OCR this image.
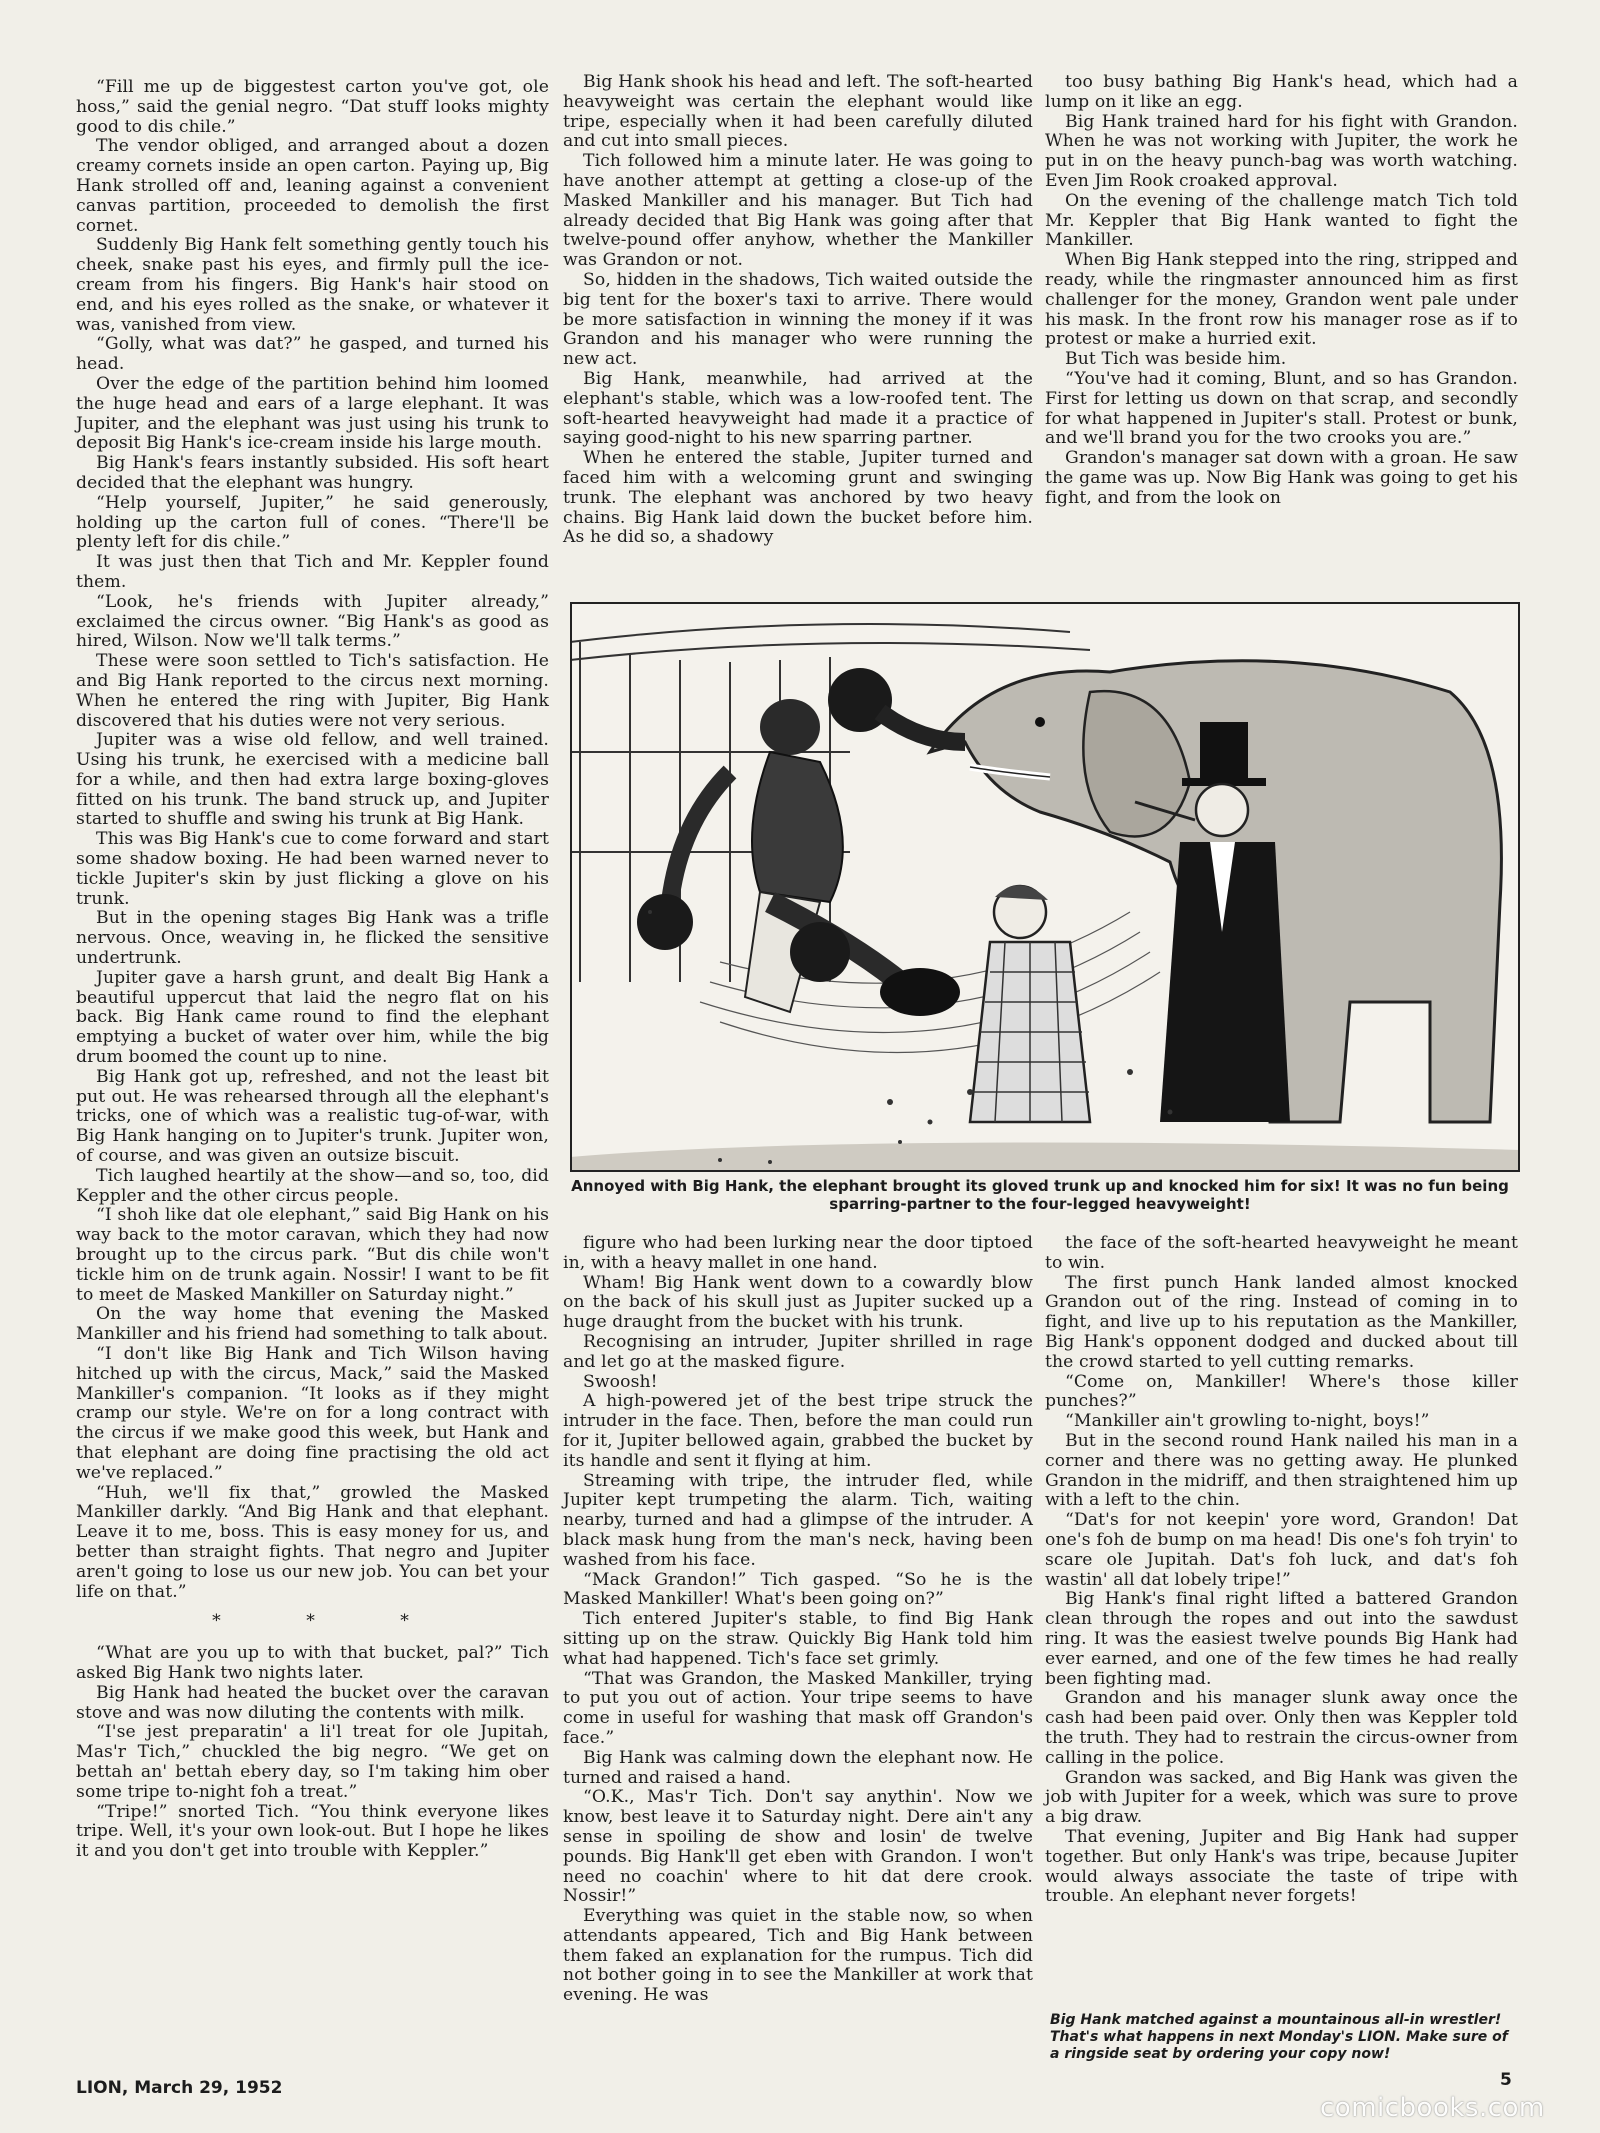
“Fill me up de biggestest carton you've got, ole hoss,” said the genial negro. “Dat stuff looks mighty good to dis chile.”

The vendor obliged, and arranged about a dozen creamy cornets inside an open carton. Paying up, Big Hank strolled off and, leaning against a convenient canvas partition, proceeded to demolish the first cornet.

Suddenly Big Hank felt something gently touch his cheek, snake past his eyes, and firmly pull the ice-cream from his fingers. Big Hank's hair stood on end, and his eyes rolled as the snake, or whatever it was, vanished from view.

“Golly, what was dat?” he gasped, and turned his head.

Over the edge of the partition behind him loomed the huge head and ears of a large elephant. It was Jupiter, and the elephant was just using his trunk to deposit Big Hank's ice-cream inside his large mouth.

Big Hank's fears instantly subsided. His soft heart decided that the elephant was hungry.

“Help yourself, Jupiter,” he said generously, holding up the carton full of cones. “There'll be plenty left for dis chile.”

It was just then that Tich and Mr. Keppler found them.

“Look, he's friends with Jupiter already,” exclaimed the circus owner. “Big Hank's as good as hired, Wilson. Now we'll talk terms.”

These were soon settled to Tich's satisfaction. He and Big Hank reported to the circus next morning. When he entered the ring with Jupiter, Big Hank discovered that his duties were not very serious.

Jupiter was a wise old fellow, and well trained. Using his trunk, he exercised with a medicine ball for a while, and then had extra large boxing-gloves fitted on his trunk. The band struck up, and Jupiter started to shuffle and swing his trunk at Big Hank.

This was Big Hank's cue to come forward and start some shadow boxing. He had been warned never to tickle Jupiter's skin by just flicking a glove on his trunk.

But in the opening stages Big Hank was a trifle nervous. Once, weaving in, he flicked the sensitive undertrunk.

Jupiter gave a harsh grunt, and dealt Big Hank a beautiful uppercut that laid the negro flat on his back. Big Hank came round to find the elephant emptying a bucket of water over him, while the big drum boomed the count up to nine.

Big Hank got up, refreshed, and not the least bit put out. He was rehearsed through all the elephant's tricks, one of which was a realistic tug-of-war, with Big Hank hanging on to Jupiter's trunk. Jupiter won, of course, and was given an outsize biscuit.

Tich laughed heartily at the show—and so, too, did Keppler and the other circus people.

“I shoh like dat ole elephant,” said Big Hank on his way back to the motor caravan, which they had now brought up to the circus park. “But dis chile won't tickle him on de trunk again. Nossir! I want to be fit to meet de Masked Mankiller on Saturday night.”

On the way home that evening the Masked Mankiller and his friend had something to talk about.

“I don't like Big Hank and Tich Wilson having hitched up with the circus, Mack,” said the Masked Mankiller's companion. “It looks as if they might cramp our style. We're on for a long contract with the circus if we make good this week, but Hank and that elephant are doing fine practising the old act we've replaced.”

“Huh, we'll fix that,” growled the Masked Mankiller darkly. “And Big Hank and that elephant. Leave it to me, boss. This is easy money for us, and better than straight fights. That negro and Jupiter aren't going to lose us our new job. You can bet your life on that.”

* * *

“What are you up to with that bucket, pal?” Tich asked Big Hank two nights later.

Big Hank had heated the bucket over the caravan stove and was now diluting the contents with milk.

“I'se jest preparatin' a li'l treat for ole Jupitah, Mas'r Tich,” chuckled the big negro. “We get on bettah an' bettah ebery day, so I'm taking him ober some tripe to-night foh a treat.”

“Tripe!” snorted Tich. “You think everyone likes tripe. Well, it's your own look-out. But I hope he likes it and you don't get into trouble with Keppler.”

Big Hank shook his head and left. The soft-hearted heavyweight was certain the elephant would like tripe, especially when it had been carefully diluted and cut into small pieces.

Tich followed him a minute later. He was going to have another attempt at getting a close-up of the Masked Mankiller and his manager. But Tich had already decided that Big Hank was going after that twelve-pound offer anyhow, whether the Mankiller was Grandon or not.

So, hidden in the shadows, Tich waited outside the big tent for the boxer's taxi to arrive. There would be more satisfaction in winning the money if it was Grandon and his manager who were running the new act.

Big Hank, meanwhile, had arrived at the elephant's stable, which was a low-roofed tent. The soft-hearted heavyweight had made it a practice of saying good-night to his new sparring partner.

When he entered the stable, Jupiter turned and faced him with a welcoming grunt and swinging trunk. The elephant was anchored by two heavy chains. Big Hank laid down the bucket before him. As he did so, a shadowy

too busy bathing Big Hank's head, which had a lump on it like an egg.

Big Hank trained hard for his fight with Grandon. When he was not working with Jupiter, the work he put in on the heavy punch-bag was worth watching. Even Jim Rook croaked approval.

On the evening of the challenge match Tich told Mr. Keppler that Big Hank wanted to fight the Mankiller.

When Big Hank stepped into the ring, stripped and ready, while the ringmaster announced him as first challenger for the money, Grandon went pale under his mask. In the front row his manager rose as if to protest or make a hurried exit.

But Tich was beside him.

“You've had it coming, Blunt, and so has Grandon. First for letting us down on that scrap, and secondly for what happened in Jupiter's stall. Protest or bunk, and we'll brand you for the two crooks you are.”

Grandon's manager sat down with a groan. He saw the game was up. Now Big Hank was going to get his fight, and from the look on

Annoyed with Big Hank, the elephant brought its gloved trunk up and knocked him for six! It was no fun being sparring-partner to the four-legged heavyweight!

figure who had been lurking near the door tiptoed in, with a heavy mallet in one hand.

Wham! Big Hank went down to a cowardly blow on the back of his skull just as Jupiter sucked up a huge draught from the bucket with his trunk.

Recognising an intruder, Jupiter shrilled in rage and let go at the masked figure.

Swoosh!

A high-powered jet of the best tripe struck the intruder in the face. Then, before the man could run for it, Jupiter bellowed again, grabbed the bucket by its handle and sent it flying at him.

Streaming with tripe, the intruder fled, while Jupiter kept trumpeting the alarm. Tich, waiting nearby, turned and had a glimpse of the intruder. A black mask hung from the man's neck, having been washed from his face.

“Mack Grandon!” Tich gasped. “So he is the Masked Mankiller! What's been going on?”

Tich entered Jupiter's stable, to find Big Hank sitting up on the straw. Quickly Big Hank told him what had happened. Tich's face set grimly.

“That was Grandon, the Masked Mankiller, trying to put you out of action. Your tripe seems to have come in useful for washing that mask off Grandon's face.”

Big Hank was calming down the elephant now. He turned and raised a hand.

“O.K., Mas'r Tich. Don't say anythin'. Now we know, best leave it to Saturday night. Dere ain't any sense in spoiling de show and losin' de twelve pounds. Big Hank'll get eben with Grandon. I won't need no coachin' where to hit dat dere crook. Nossir!”

Everything was quiet in the stable now, so when attendants appeared, Tich and Big Hank between them faked an explanation for the rumpus. Tich did not bother going in to see the Mankiller at work that evening. He was

the face of the soft-hearted heavyweight he meant to win.

The first punch Hank landed almost knocked Grandon out of the ring. Instead of coming in to fight, and live up to his reputation as the Mankiller, Big Hank's opponent dodged and ducked about till the crowd started to yell cutting remarks.

“Come on, Mankiller! Where's those killer punches?”

“Mankiller ain't growling to-night, boys!”

But in the second round Hank nailed his man in a corner and there was no getting away. He plunked Grandon in the midriff, and then straightened him up with a left to the chin.

“Dat's for not keepin' yore word, Grandon! Dat one's foh de bump on ma head! Dis one's foh tryin' to scare ole Jupitah. Dat's foh luck, and dat's foh wastin' all dat lobely tripe!”

Big Hank's final right lifted a battered Grandon clean through the ropes and out into the sawdust ring. It was the easiest twelve pounds Big Hank had ever earned, and one of the few times he had really been fighting mad.

Grandon and his manager slunk away once the cash had been paid over. Only then was Keppler told the truth. They had to restrain the circus-owner from calling in the police.

Grandon was sacked, and Big Hank was given the job with Jupiter for a week, which was sure to prove a big draw.

That evening, Jupiter and Big Hank had supper together. But only Hank's was tripe, because Jupiter would always associate the taste of tripe with trouble. An elephant never forgets!

Big Hank matched against a mountainous all-in wrestler! That's what happens in next Monday's LION. Make sure of a ringside seat by ordering your copy now!
LION, March 29, 1952	5
comicbooks.com
